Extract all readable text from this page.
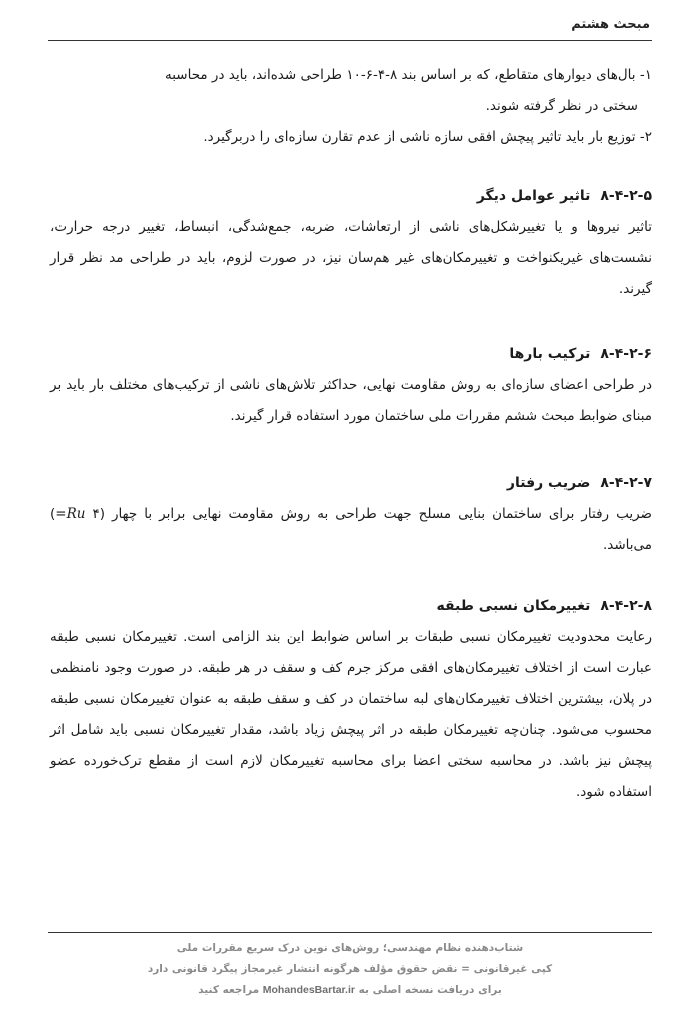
مبحث هشتم
۱- بال‌های دیوارهای متقاطع، که بر اساس بند ۸-۴-۶-۱۰ طراحی شده‌اند، باید در محاسبه
سختی در نظر گرفته شوند.
۲- توزیع بار باید تاثیر پیچش افقی سازه ناشی از عدم تقارن سازه‌ای را دربرگیرد.

۸-۴-۲-۵تاثیر عوامل دیگر

تاثیر نیروها و یا تغییرشکل‌های ناشی از ارتعاشات، ضربه، جمع‌شدگی، انبساط، تغییر درجه حرارت، نشست‌های غیریکنواخت و تغییرمکان‌های غیر هم‌سان نیز، در صورت لزوم، باید در طراحی مد نظر قرار گیرند.

۸-۴-۲-۶ترکیب بارها

در طراحی اعضای سازه‌ای به روش مقاومت نهایی، حداکثر تلاش‌های ناشی از ترکیب‌های مختلف بار باید بر مبنای ضوابط مبحث ششم مقررات ملی ساختمان مورد استفاده قرار گیرند.

۸-۴-۲-۷ضریب رفتار

ضریب رفتار برای ساختمان بنایی مسلح جهت طراحی به روش مقاومت نهایی برابر با چهار (۴ =Ru) می‌باشد.

۸-۴-۲-۸تغییرمکان نسبی طبقه

رعایت محدودیت تغییرمکان نسبی طبقات بر اساس ضوابط این بند الزامی است. تغییرمکان نسبی طبقه عبارت است از اختلاف تغییرمکان‌های افقی مرکز جرم کف و سقف در هر طبقه. در صورت وجود نامنظمی در پلان، بیشترین اختلاف تغییرمکان‌های لبه ساختمان در کف و سقف طبقه به عنوان تغییرمکان نسبی طبقه محسوب می‌شود. چنان‌چه تغییرمکان طبقه در اثر پیچش زیاد باشد، مقدار تغییرمکان نسبی باید شامل اثر پیچش نیز باشد. در محاسبه سختی اعضا برای محاسبه تغییرمکان لازم است از مقطع ترک‌خورده عضو استفاده شود.

شتاب‌دهنده نظام مهندسی؛ روش‌های نوین درک سریع مقررات ملی
کپی غیرقانونی = نقض حقوق مؤلف هرگونه انتشار غیرمجاز پیگرد قانونی دارد
برای دریافت نسخه اصلی به MohandesBartar.ir مراجعه کنید
